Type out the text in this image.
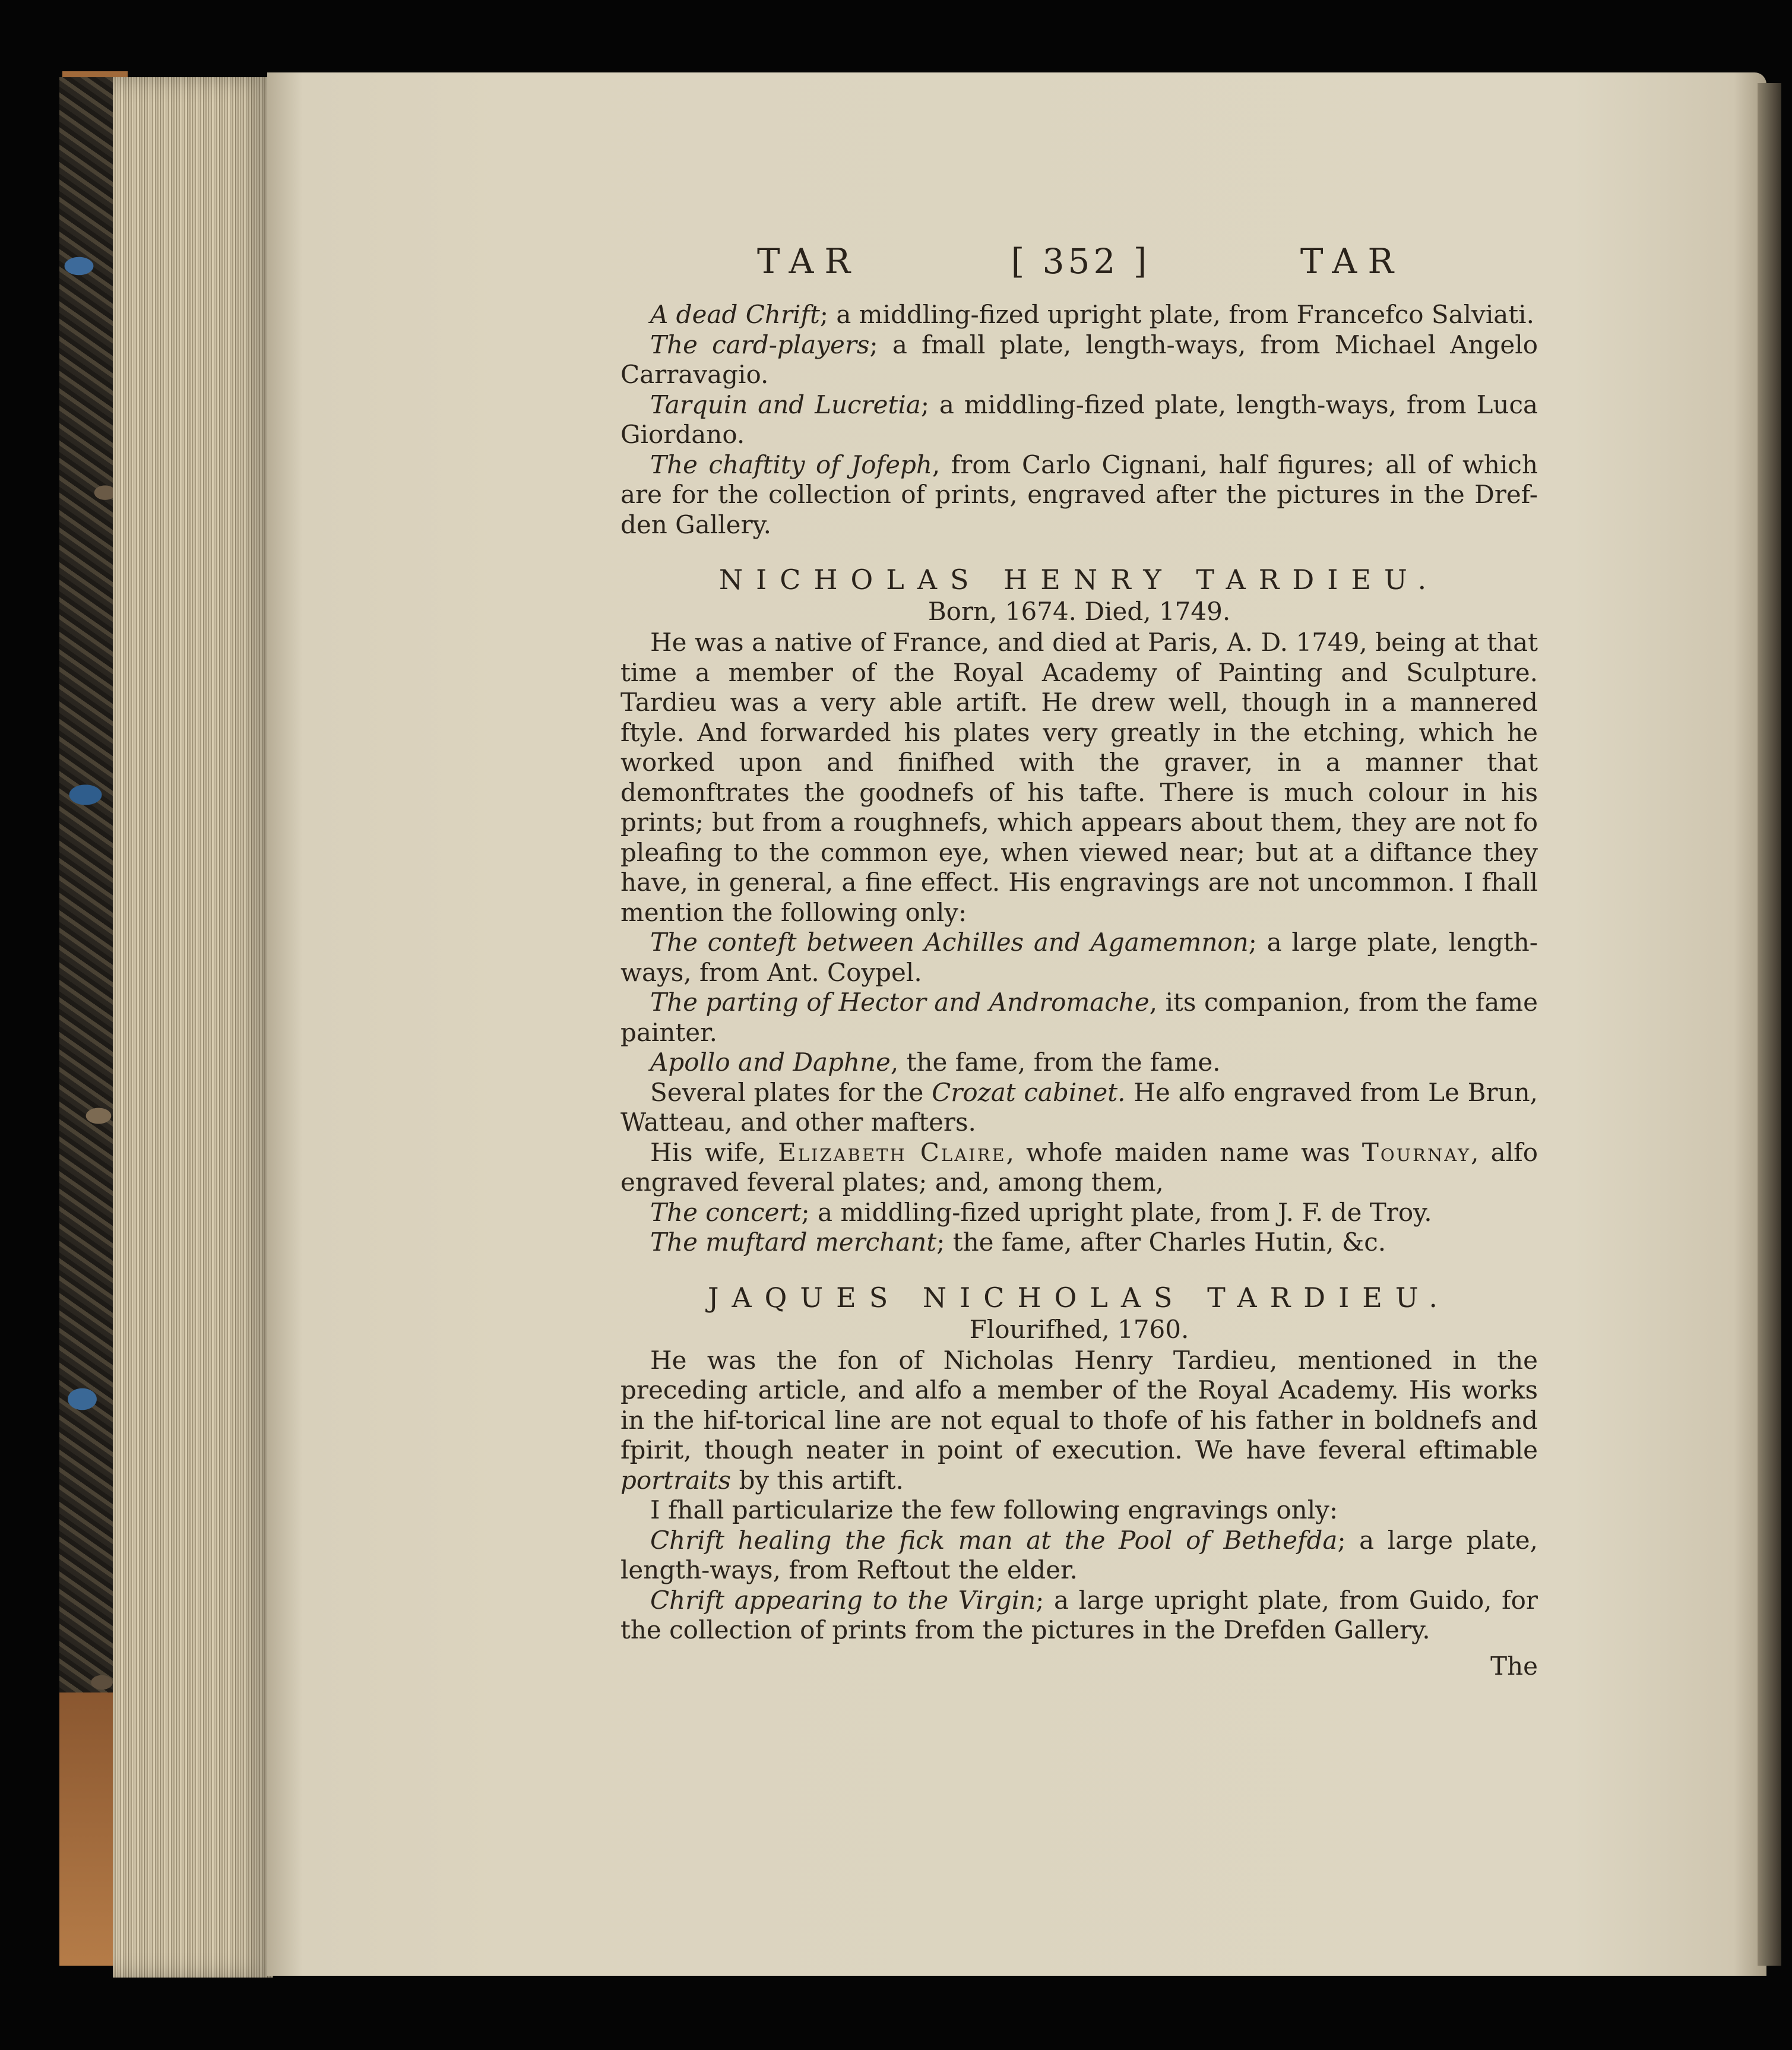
TAR	[ 352 ]	TAR

A dead Chrift; a middling-fized upright plate, from Francefco Salviati.

The card-players; a fmall plate, length-ways, from Michael Angelo Carravagio.

Tarquin and Lucretia; a middling-fized plate, length-ways, from Luca Giordano.

The chaftity of Jofeph, from Carlo Cignani, half figures; all of which are for the collection of prints, engraved after the pictures in the Dref-den Gallery.

NICHOLAS HENRY TARDIEU.
Born, 1674. Died, 1749.

He was a native of France, and died at Paris, A. D. 1749, being at that time a member of the Royal Academy of Painting and Sculpture. Tardieu was a very able artift. He drew well, though in a mannered ftyle. And forwarded his plates very greatly in the etching, which he worked upon and finifhed with the graver, in a manner that demonftrates the goodnefs of his tafte. There is much colour in his prints; but from a roughnefs, which appears about them, they are not fo pleafing to the common eye, when viewed near; but at a diftance they have, in general, a fine effect. His engravings are not uncommon. I fhall mention the following only:

The conteft between Achilles and Agamemnon; a large plate, length-ways, from Ant. Coypel.

The parting of Hector and Andromache, its companion, from the fame painter.

Apollo and Daphne, the fame, from the fame.

Several plates for the Crozat cabinet. He alfo engraved from Le Brun, Watteau, and other mafters.

His wife, Elizabeth Claire, whofe maiden name was Tournay, alfo engraved feveral plates; and, among them,

The concert; a middling-fized upright plate, from J. F. de Troy.

The muftard merchant; the fame, after Charles Hutin, &c.

JAQUES NICHOLAS TARDIEU.
Flourifhed, 1760.

He was the fon of Nicholas Henry Tardieu, mentioned in the preceding article, and alfo a member of the Royal Academy. His works in the hif-torical line are not equal to thofe of his father in boldnefs and fpirit, though neater in point of execution. We have feveral eftimable portraits by this artift.

I fhall particularize the few following engravings only:

Chrift healing the fick man at the Pool of Bethefda; a large plate, length-ways, from Reftout the elder.

Chrift appearing to the Virgin; a large upright plate, from Guido, for the collection of prints from the pictures in the Drefden Gallery.

The
